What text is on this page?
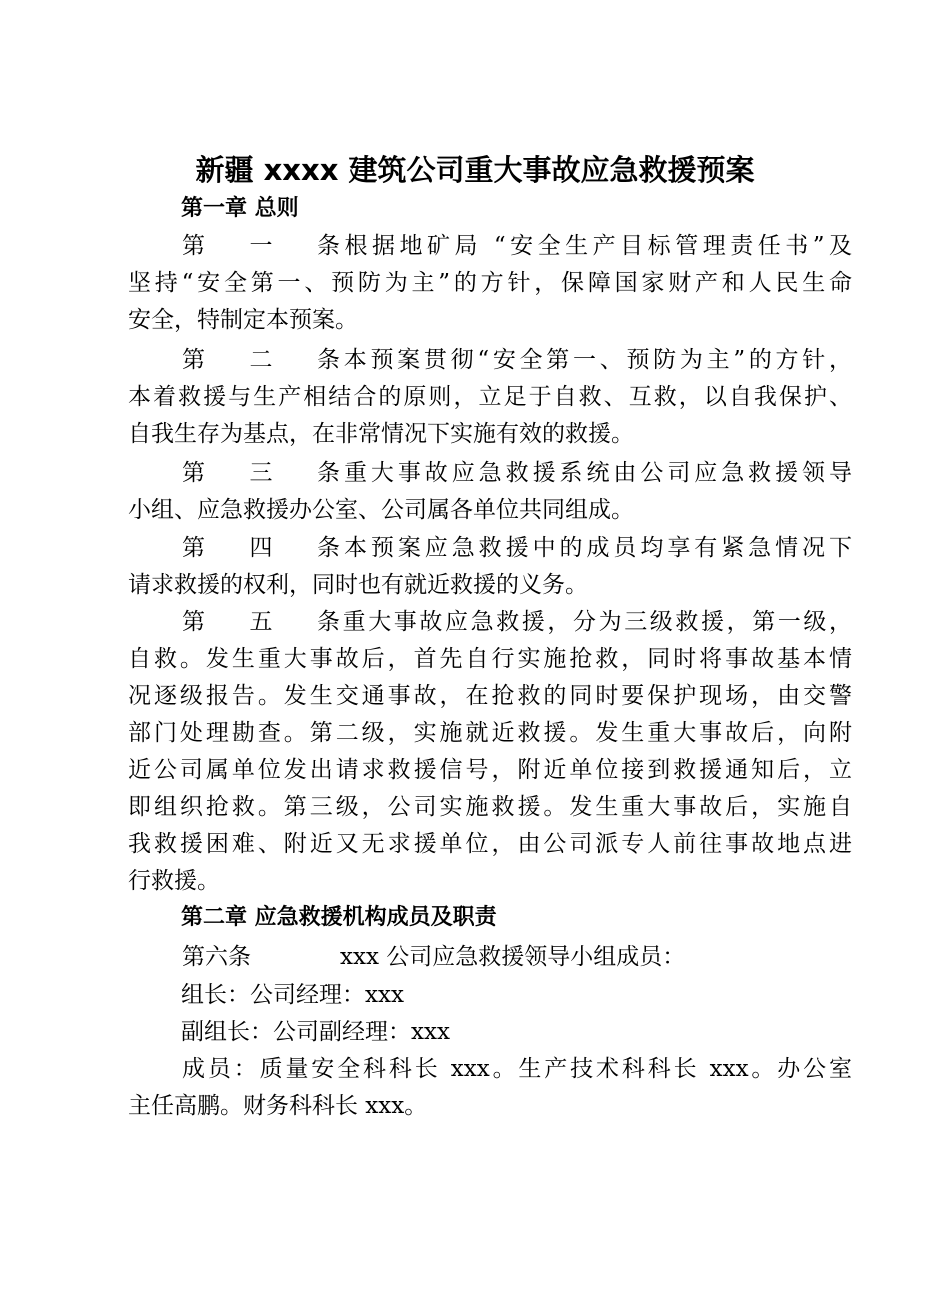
新疆 xxxx 建筑公司重大事故应急救援预案
第一章 总则
第一条根据地矿局 “安全生产目标管理责任书”及
坚持“安全第一、预防为主”的方针，保障国家财产和人民生命
安全，特制定本预案。
第二条本预案贯彻“安全第一、预防为主”的方针，
本着救援与生产相结合的原则，立足于自救、互救，以自我保护、
自我生存为基点，在非常情况下实施有效的救援。
第三条重大事故应急救援系统由公司应急救援领导
小组、应急救援办公室、公司属各单位共同组成。
第四条本预案应急救援中的成员均享有紧急情况下
请求救援的权利，同时也有就近救援的义务。
第五条重大事故应急救援，分为三级救援，第一级，
自救。发生重大事故后，首先自行实施抢救，同时将事故基本情
况逐级报告。发生交通事故，在抢救的同时要保护现场，由交警
部门处理勘查。第二级，实施就近救援。发生重大事故后，向附
近公司属单位发出请求救援信号，附近单位接到救援通知后，立
即组织抢救。第三级，公司实施救援。发生重大事故后，实施自
我救援困难、附近又无求援单位，由公司派专人前往事故地点进
行救援。
第二章 应急救援机构成员及职责
第六条	xxx 公司应急救援领导小组成员：
组长：公司经理：xxx
副组长：公司副经理：xxx
成员：质量安全科科长 xxx。生产技术科科长 xxx。办公室
主任高鹏。财务科科长 xxx。
